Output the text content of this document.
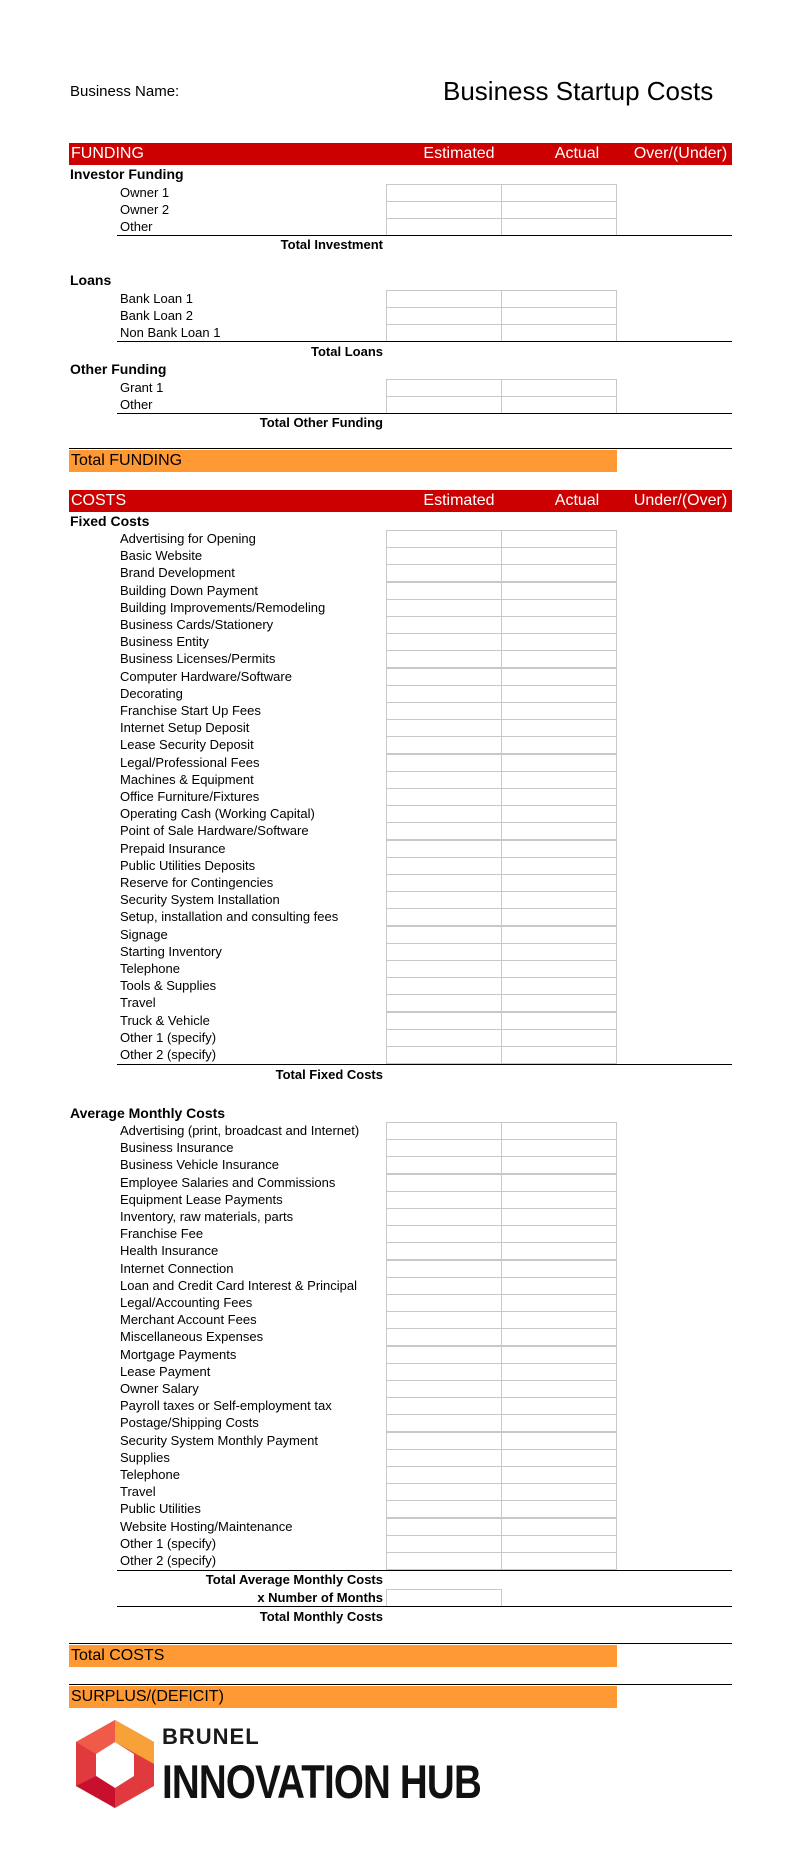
Business Name:	Business Startup Costs
FUNDING	Estimated	Actual	Over/(Under)
Investor Funding
Owner 1
Owner 2
Other
Total Investment
Loans
Bank Loan 1
Bank Loan 2
Non Bank Loan 1
Total Loans
Other Funding
Grant 1
Other
Total Other Funding
Total FUNDING
COSTS	Estimated	Actual	Under/(Over)
Fixed Costs
Advertising for Opening
Basic Website
Brand Development
Building Down Payment
Building Improvements/Remodeling
Business Cards/Stationery
Business Entity
Business Licenses/Permits
Computer Hardware/Software
Decorating
Franchise Start Up Fees
Internet Setup Deposit
Lease Security Deposit
Legal/Professional Fees
Machines & Equipment
Office Furniture/Fixtures
Operating Cash (Working Capital)
Point of Sale Hardware/Software
Prepaid Insurance
Public Utilities Deposits
Reserve for Contingencies
Security System Installation
Setup, installation and consulting fees
Signage
Starting Inventory
Telephone
Tools & Supplies
Travel
Truck & Vehicle
Other 1 (specify)
Other 2 (specify)
Total Fixed Costs
Average Monthly Costs
Advertising (print, broadcast and Internet)
Business Insurance
Business Vehicle Insurance
Employee Salaries and Commissions
Equipment Lease Payments
Inventory, raw materials, parts
Franchise Fee
Health Insurance
Internet Connection
Loan and Credit Card Interest & Principal
Legal/Accounting Fees
Merchant Account Fees
Miscellaneous Expenses
Mortgage Payments
Lease Payment
Owner Salary
Payroll taxes or Self-employment tax
Postage/Shipping Costs
Security System Monthly Payment
Supplies
Telephone
Travel
Public Utilities
Website Hosting/Maintenance
Other 1 (specify)
Other 2 (specify)
Total Average Monthly Costs
x Number of Months
Total Monthly Costs
Total COSTS
SURPLUS/(DEFICIT)
BRUNEL
INNOVATION HUB
